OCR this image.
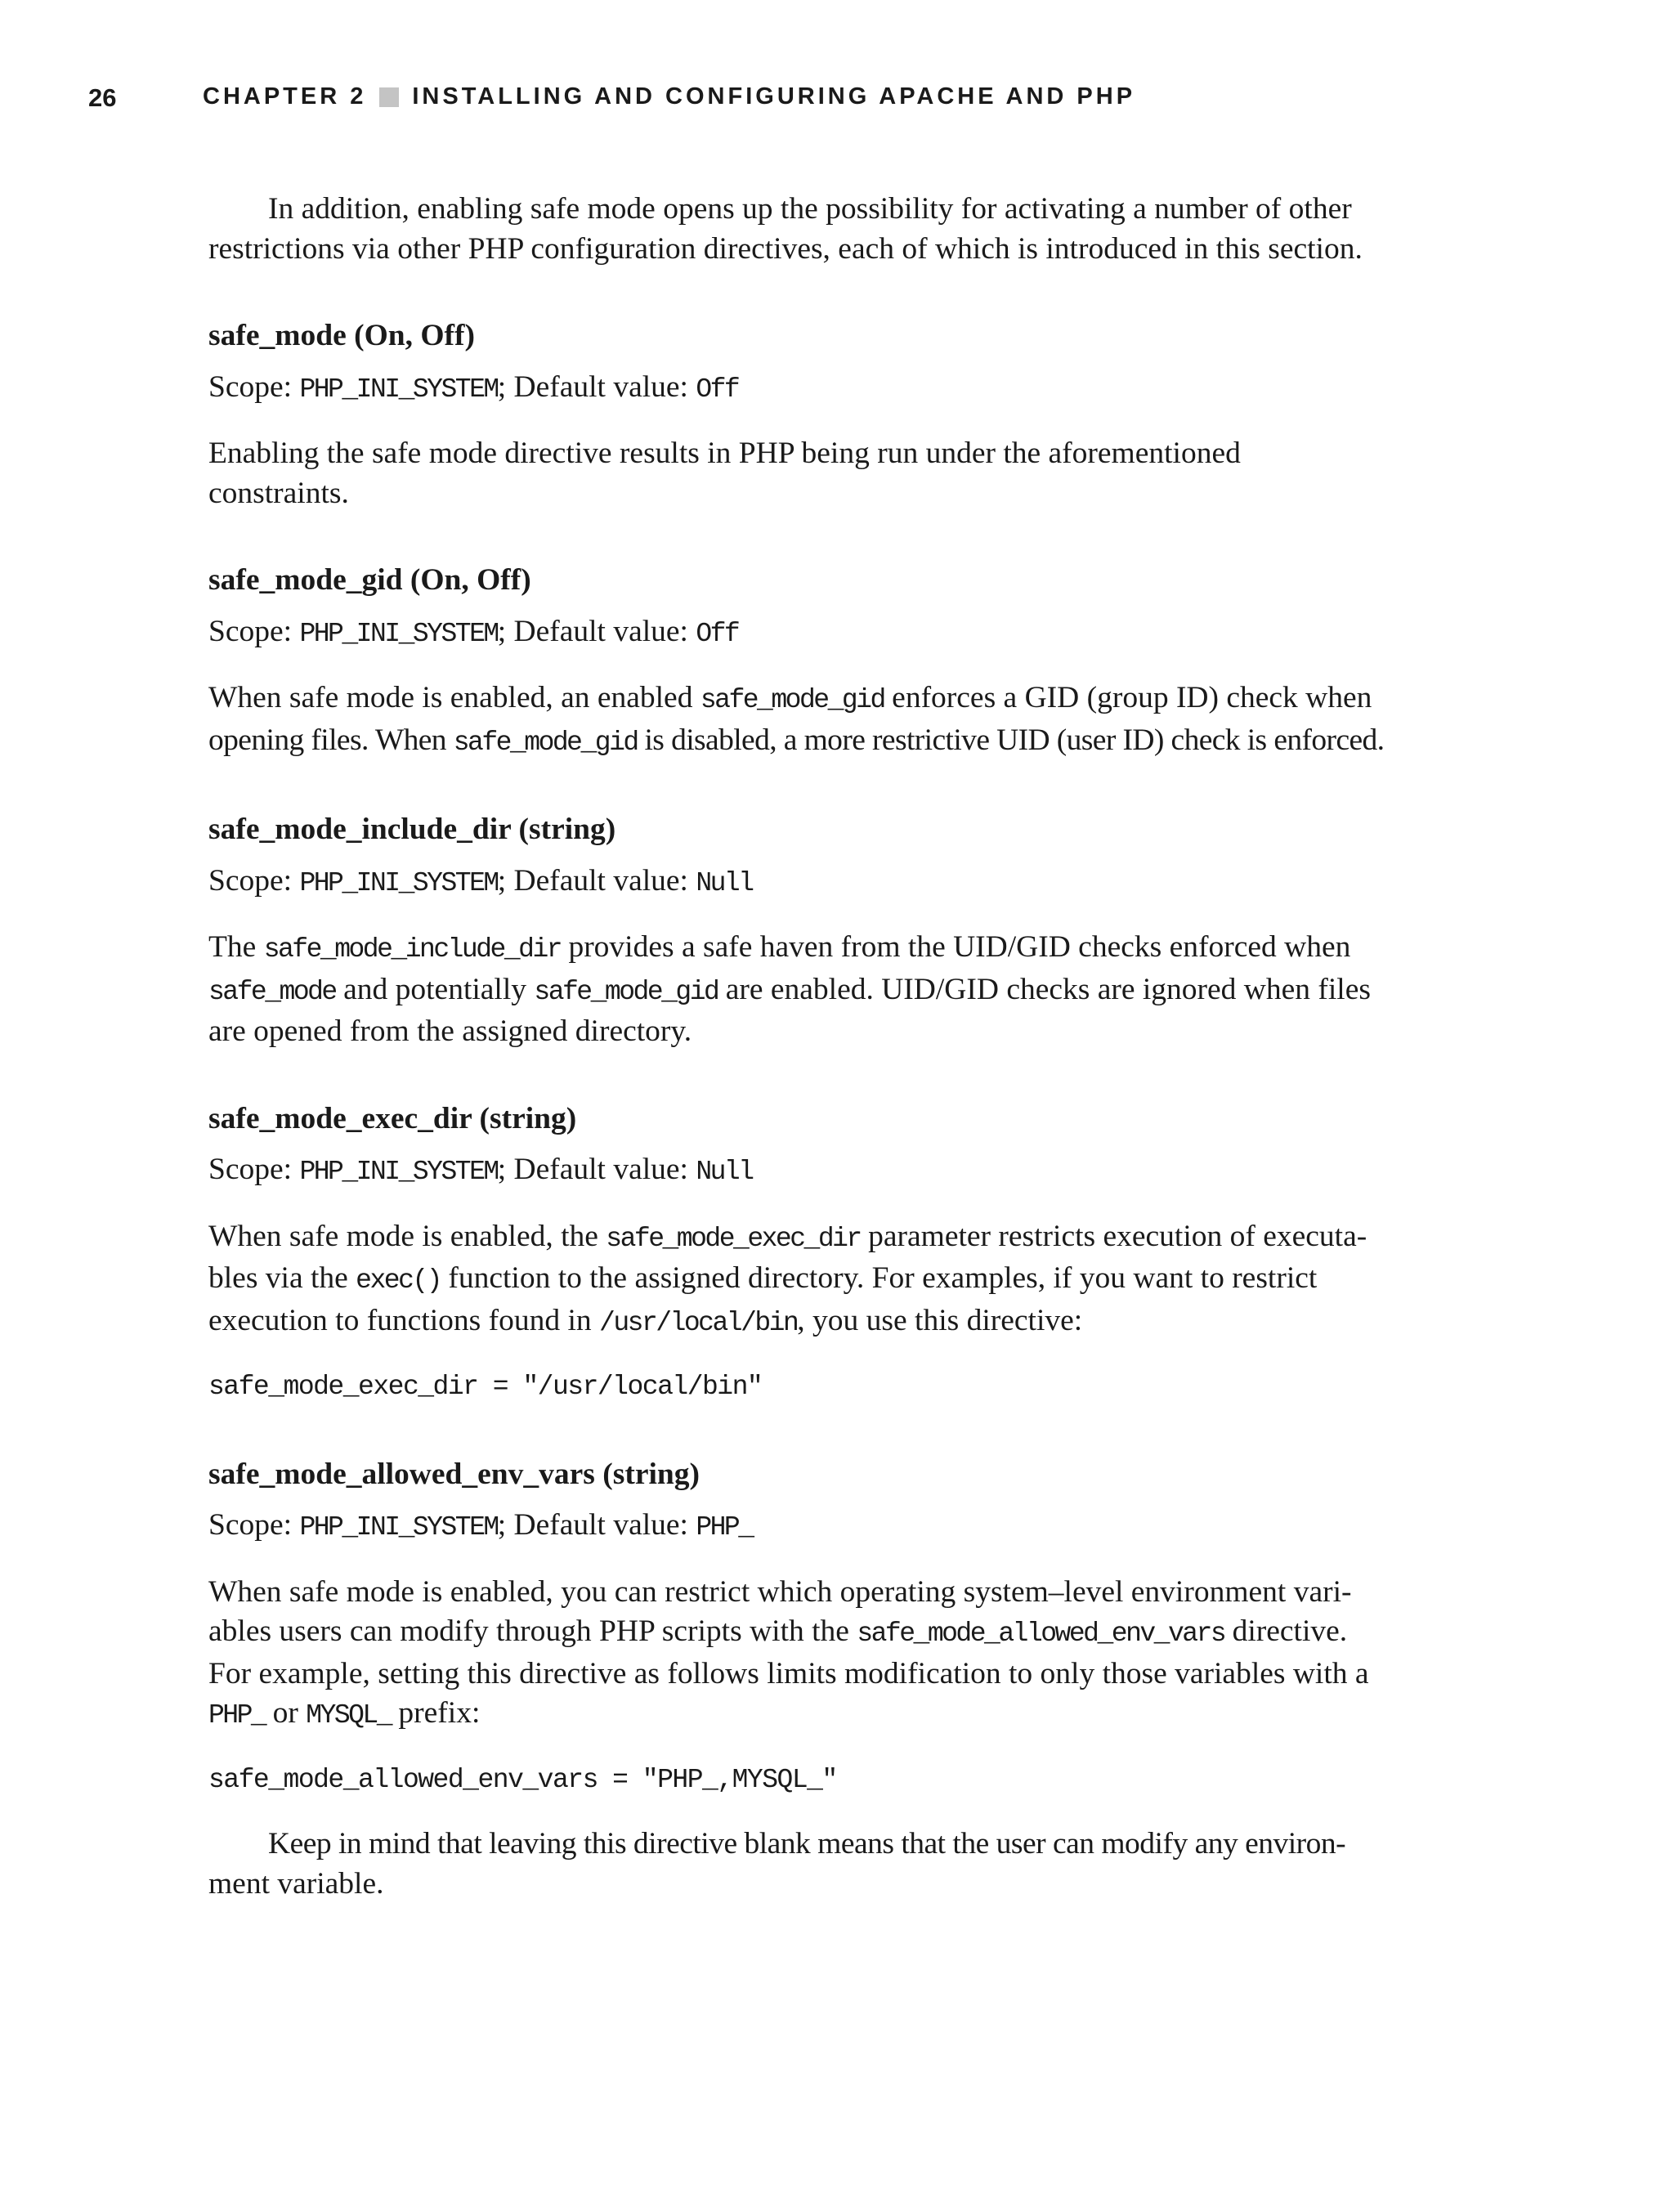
26	CHAPTER 2 INSTALLING AND CONFIGURING APACHE AND PHP

In addition, enabling safe mode opens up the possibility for activating a number of other
restrictions via other PHP configuration directives, each of which is introduced in this section.

safe_mode (On, Off)

Scope: PHP_INI_SYSTEM; Default value: Off

Enabling the safe mode directive results in PHP being run under the aforementioned constraints.

safe_mode_gid (On, Off)

Scope: PHP_INI_SYSTEM; Default value: Off

When safe mode is enabled, an enabled safe_mode_gid enforces a GID (group ID) check when
opening files. When safe_mode_gid is disabled, a more restrictive UID (user ID) check is enforced.

safe_mode_include_dir (string)

Scope: PHP_INI_SYSTEM; Default value: Null

The safe_mode_include_dir provides a safe haven from the UID/GID checks enforced when
safe_mode and potentially safe_mode_gid are enabled. UID/GID checks are ignored when files
are opened from the assigned directory.

safe_mode_exec_dir (string)

Scope: PHP_INI_SYSTEM; Default value: Null

When safe mode is enabled, the safe_mode_exec_dir parameter restricts execution of executa-
bles via the exec() function to the assigned directory. For examples, if you want to restrict
execution to functions found in /usr/local/bin, you use this directive:

safe_mode_exec_dir = "/usr/local/bin"

safe_mode_allowed_env_vars (string)

Scope: PHP_INI_SYSTEM; Default value: PHP_

When safe mode is enabled, you can restrict which operating system–level environment vari-
ables users can modify through PHP scripts with the safe_mode_allowed_env_vars directive.
For example, setting this directive as follows limits modification to only those variables with a
PHP_ or MYSQL_ prefix:

safe_mode_allowed_env_vars = "PHP_,MYSQL_"

Keep in mind that leaving this directive blank means that the user can modify any environ-
ment variable.
